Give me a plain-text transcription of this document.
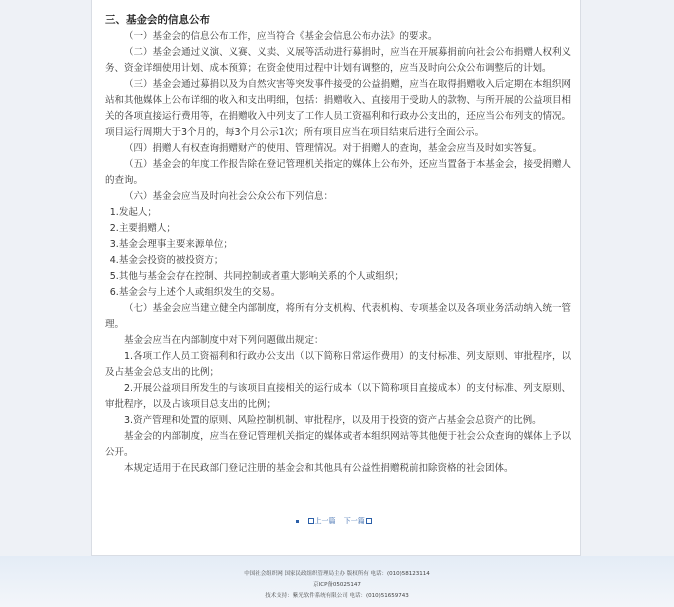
三、基金会的信息公布

（一）基金会的信息公布工作，应当符合《基金会信息公布办法》的要求。

（二）基金会通过义演、义赛、义卖、义展等活动进行募捐时，应当在开展募捐前向社会公布捐赠人权利义务、资金详细使用计划、成本预算；在资金使用过程中计划有调整的，应当及时向公众公布调整后的计划。

（三）基金会通过募捐以及为自然灾害等突发事件接受的公益捐赠，应当在取得捐赠收入后定期在本组织网站和其他媒体上公布详细的收入和支出明细，包括：捐赠收入、直接用于受助人的款物、与所开展的公益项目相关的各项直接运行费用等，在捐赠收入中列支了工作人员工资福利和行政办公支出的，还应当公布列支的情况。项目运行周期大于3个月的，每3个月公示1次；所有项目应当在项目结束后进行全面公示。

（四）捐赠人有权查询捐赠财产的使用、管理情况。对于捐赠人的查询，基金会应当及时如实答复。

（五）基金会的年度工作报告除在登记管理机关指定的媒体上公布外，还应当置备于本基金会，接受捐赠人的查询。

（六）基金会应当及时向社会公众公布下列信息：

1.发起人；

2.主要捐赠人；

3.基金会理事主要来源单位；

4.基金会投资的被投资方；

5.其他与基金会存在控制、共同控制或者重大影响关系的个人或组织；

6.基金会与上述个人或组织发生的交易。

（七）基金会应当建立健全内部制度，将所有分支机构、代表机构、专项基金以及各项业务活动纳入统一管理。

基金会应当在内部制度中对下列问题做出规定：

1.各项工作人员工资福利和行政办公支出（以下简称日常运作费用）的支付标准、列支原则、审批程序，以及占基金会总支出的比例；

2.开展公益项目所发生的与该项目直接相关的运行成本（以下简称项目直接成本）的支付标准、列支原则、审批程序，以及占该项目总支出的比例；

3.资产管理和处置的原则、风险控制机制、审批程序，以及用于投资的资产占基金会总资产的比例。

基金会的内部制度，应当在登记管理机关指定的媒体或者本组织网站等其他便于社会公众查询的媒体上予以公开。

本规定适用于在民政部门登记注册的基金会和其他具有公益性捐赠税前扣除资格的社会团体。

上一篇 下一篇
中国社会组织网 国家民政组织管理局主办 版权所有 电话：(010)58123114
京ICP备05025147
技术支持：紫光软件系统有限公司 电话：(010)51659743
